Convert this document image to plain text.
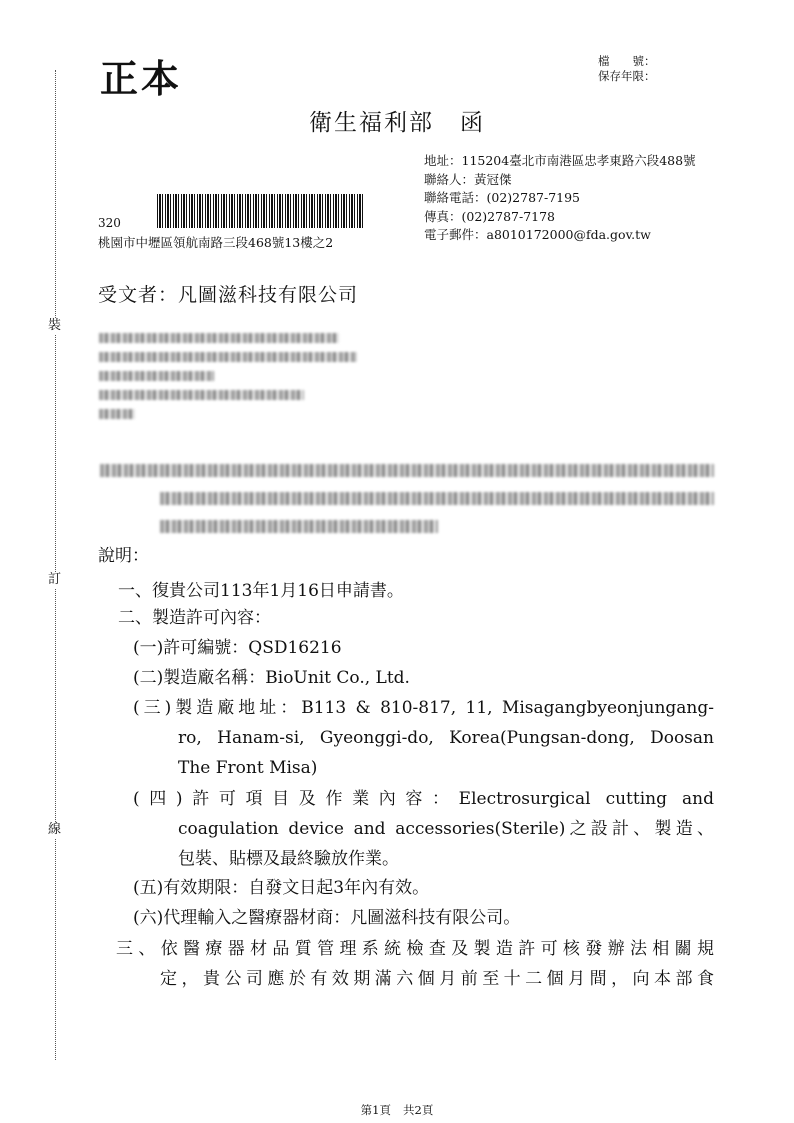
裝
訂
線
正本	檔　　號：
保存年限：
衛生福利部 函
地址：115204臺北市南港區忠孝東路六段488號
聯絡人：黃冠傑
聯絡電話：(02)2787-7195
傳真：(02)2787-7178
電子郵件：a8010172000@fda.gov.tw
320
桃園市中壢區領航南路三段468號13樓之2
受文者：凡圖滋科技有限公司
說明：
一、復貴公司113年1月16日申請書。
二、製造許可內容：
(一)許可編號：QSD16216
(二)製造廠名稱：BioUnit Co., Ltd.
(三)製造廠地址：B113 & 810-817, 11, Misagangbyeonjungang-
ro, Hanam-si, Gyeonggi-do, Korea(Pungsan-dong, Doosan
The Front Misa)
(四)許可項目及作業內容：Electrosurgical cutting and
coagulation device and accessories(Sterile)之設計、製造、
包裝、貼標及最終驗放作業。
(五)有效期限：自發文日起3年內有效。
(六)代理輸入之醫療器材商：凡圖滋科技有限公司。
三、依醫療器材品質管理系統檢查及製造許可核發辦法相關規
定，貴公司應於有效期滿六個月前至十二個月間，向本部食
第1頁 共2頁
